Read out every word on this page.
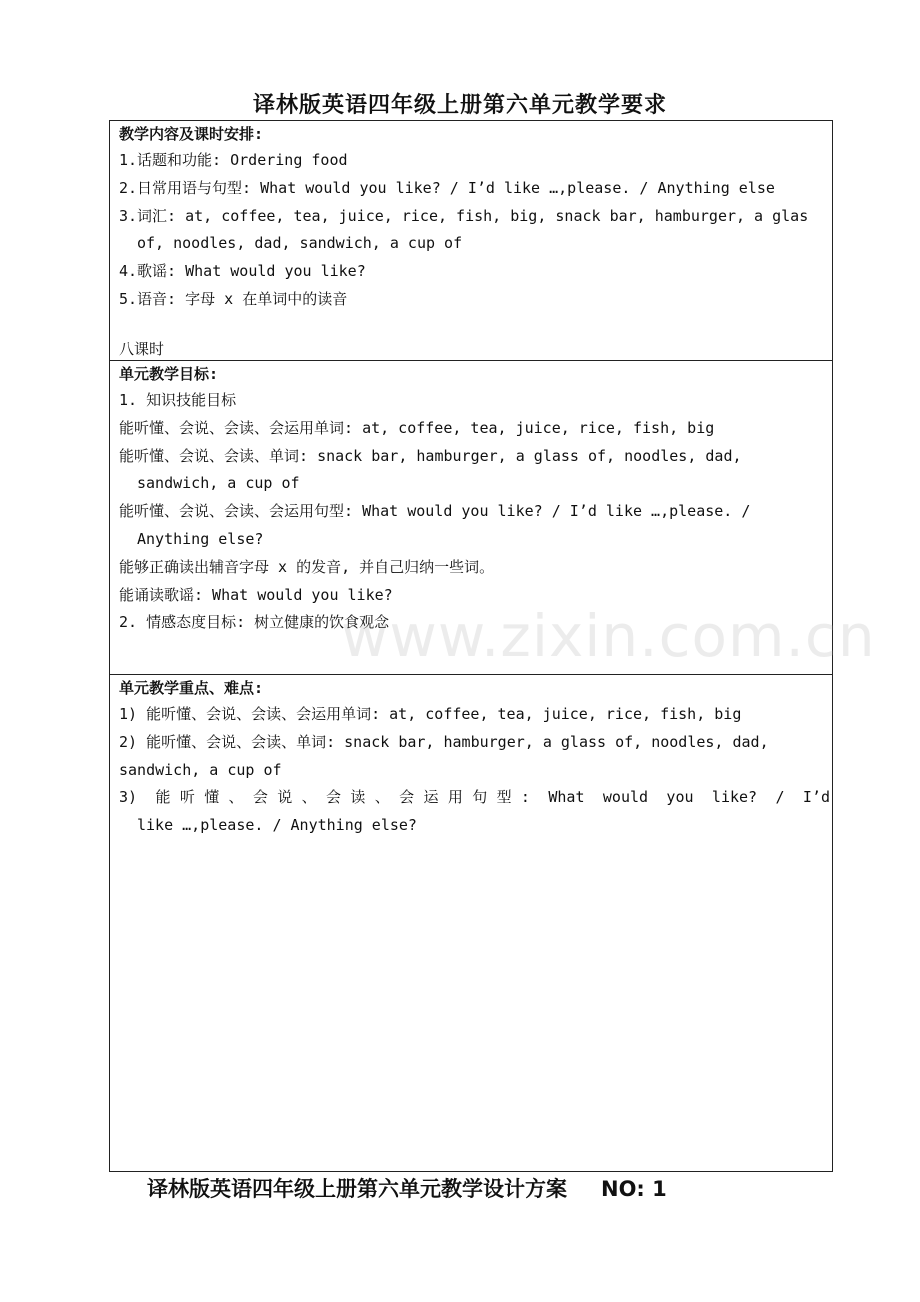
译林版英语四年级上册第六单元教学要求
教学内容及课时安排:
1.话题和功能: Ordering food
2.日常用语与句型: What would you like? / I’d like …,please. / Anything else
3.词汇: at, coffee, tea, juice, rice, fish, big, snack bar, hamburger, a glas
of, noodles, dad, sandwich, a cup of
4.歌谣: What would you like?
5.语音: 字母 x 在单词中的读音
八课时
单元教学目标:
1. 知识技能目标
能听懂、会说、会读、会运用单词: at, coffee, tea, juice, rice, fish, big
能听懂、会说、会读、单词: snack bar, hamburger, a glass of, noodles, dad,
sandwich, a cup of
能听懂、会说、会读、会运用句型: What would you like? / I’d like …,please. /
Anything else?
能够正确读出辅音字母 x 的发音, 并自己归纳一些词。
能诵读歌谣: What would you like?
2. 情感态度目标: 树立健康的饮食观念
单元教学重点、难点:
1) 能听懂、会说、会读、会运用单词: at, coffee, tea, juice, rice, fish, big
2) 能听懂、会说、会读、单词: snack bar, hamburger, a glass of, noodles, dad,
sandwich, a cup of
3) 能听懂、会说、会读、会运用句型: What would you like? / I’d
like …,please. / Anything else?
www.zixin.com.cn
译林版英语四年级上册第六单元教学设计方案 NO: 1
